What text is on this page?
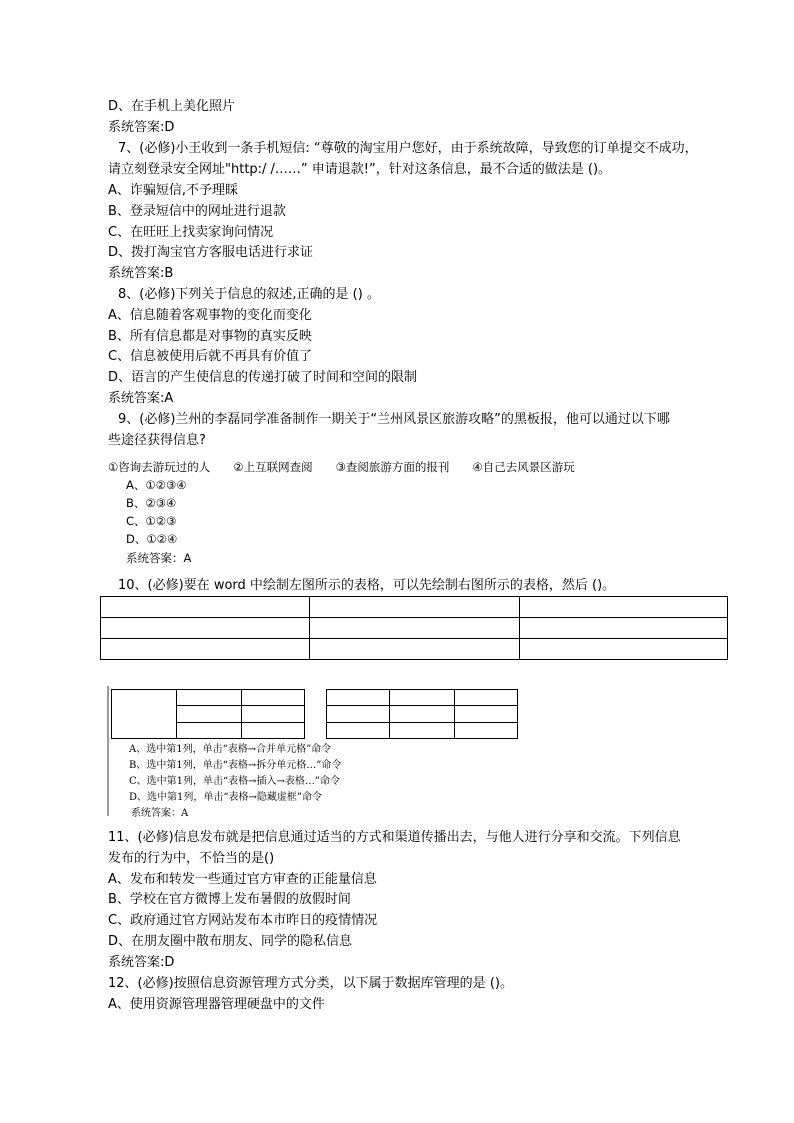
D、在手机上美化照片
系统答案:D
7、(必修)小王收到一条手机短信: “尊敬的淘宝用户您好，由于系统故障，导致您的订单提交不成功，
请立刻登录安全网址"http:/ /……” 申请退款!”，针对这条信息，最不合适的做法是 ()。
A、诈骗短信,不予理睬
B、登录短信中的网址进行退款
C、在旺旺上找卖家询问情况
D、拨打淘宝官方客服电话进行求证
系统答案:B
8、(必修)下列关于信息的叙述,正确的是 () 。
A、信息随着客观事物的变化而变化
B、所有信息都是对事物的真实反映
C、信息被使用后就不再具有价值了
D、语言的产生使信息的传递打破了时间和空间的限制
系统答案:A
9、(必修)兰州的李磊同学准备制作一期关于“兰州风景区旅游攻略”的黑板报，他可以通过以下哪
些途径获得信息?
①咨询去游玩过的人　　②上互联网查阅　　③查阅旅游方面的报刊　　④自己去风景区游玩
A、①②③④
B、②③④
C、①②③
D、①②④
系统答案：A
10、(必修)要在 word 中绘制左图所示的表格，可以先绘制右图所示的表格，然后 ()。

A、选中第1列，单击“表格→合并单元格”命令
B、选中第1列，单击“表格→拆分单元格…”命令
C、选中第1列，单击“表格→插入→表格…”命令
D、选中第1列，单击“表格→隐藏虚框”命令
系统答案：A
11、(必修)信息发布就是把信息通过适当的方式和渠道传播出去，与他人进行分享和交流。下列信息
发布的行为中，不恰当的是()
A、发布和转发一些通过官方审查的正能量信息
B、学校在官方微博上发布暑假的放假时间
C、政府通过官方网站发布本市昨日的疫情情况
D、在朋友圈中散布朋友、同学的隐私信息
系统答案:D
12、(必修)按照信息资源管理方式分类，以下属于数据库管理的是 ()。
A、使用资源管理器管理硬盘中的文件
